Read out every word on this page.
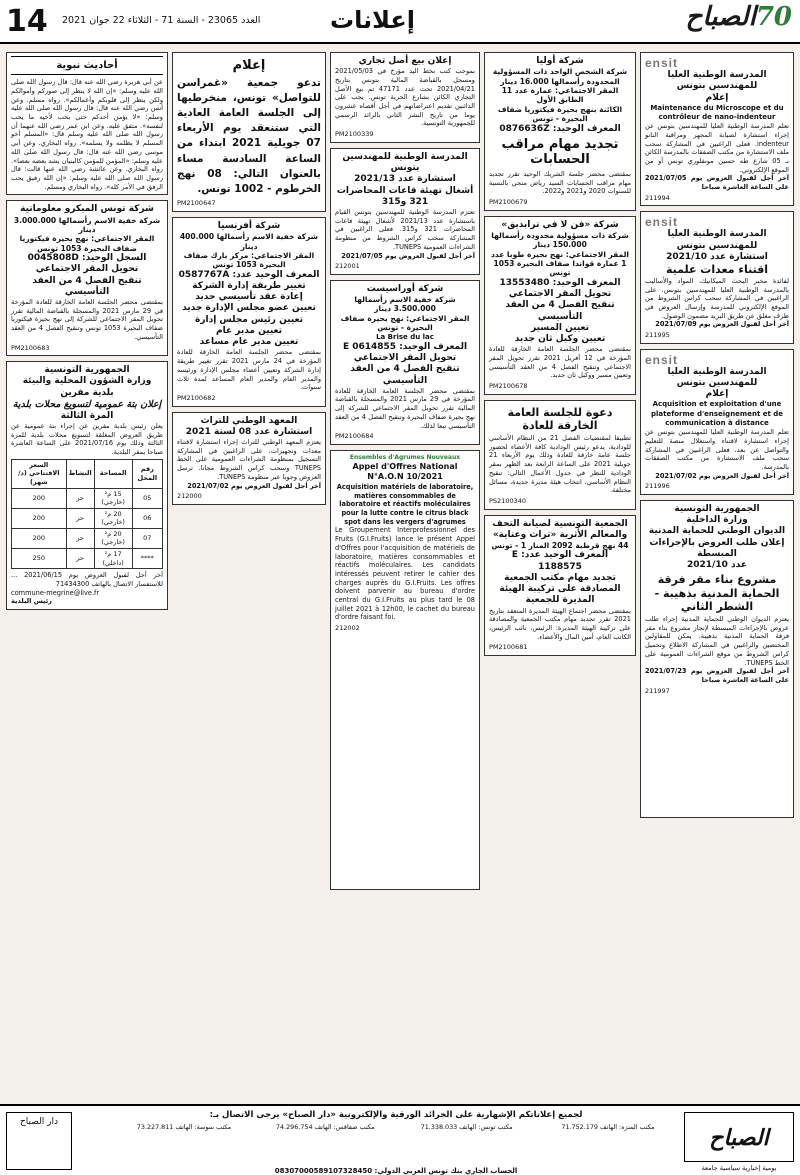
14 العدد 23065 - السنة 71 - الثلاثاء 22 جوان 2021	إعلانات	70الصباح
ensit
المدرسة الوطنية العليا للمهندسين بتونس
إعلام
Maintenance du Microscope et du contrôleur de nano-indenteur
تعلم المدرسة الوطنية العليا للمهندسين بتونس عن إجراء استشارة لصيانة المجهر ومراقبة النانو indenteur. فعلى الراغبين في المشاركة سحب ملف الاستشارة من مكتب الصفقات بالمدرسة الكائن بـ 05 شارع طه حسين مونفلوري تونس أو من الموقع الإلكتروني.
آخر أجل لقبول العروض يوم 2021/07/05 على الساعة العاشرة صباحا
211994
ensit
المدرسة الوطنية العليا للمهندسين بتونس
استشارة عدد 2021/10
اقتناء معدات علمية
لفائدة مخبر البحث الميكانيك، المواد والأساليب بالمدرسة الوطنية العليا للمهندسين بتونس. على الراغبين في المشاركة سحب كراس الشروط من الموقع الإلكتروني للمدرسة وإرسال العروض في ظرف مغلق عن طريق البريد مضمون الوصول.
آخر أجل لقبول العروض يوم 2021/07/09
211995
ensit
المدرسة الوطنية العليا للمهندسين بتونس
إعلام
Acquisition et exploitation d'une plateforme d'enseignement et de communication à distance
تعلم المدرسة الوطنية العليا للمهندسين بتونس عن إجراء استشارة لاقتناء واستغلال منصة للتعليم والتواصل عن بعد، فعلى الراغبين في المشاركة سحب ملف الاستشارة من مكتب الصفقات بالمدرسة.
آخر أجل لقبول العروض يوم 2021/07/02
211996
الجمهورية التونسية
وزارة الداخلية
الديوان الوطني للحماية المدنية
إعلان طلب العروض بالإجراءات المبسطة
عدد 2021/10
مشروع بناء مقر فرقة الحماية المدنية بذهيبة - الشطر الثاني
يعتزم الديوان الوطني للحماية المدنية إجراء طلب عروض بالإجراءات المبسطة لإنجاز مشروع بناء مقر فرقة الحماية المدنية بذهيبة. يمكن للمقاولين المختصين والراغبين في المشاركة الاطلاع وتحميل كراس الشروط من موقع الشراءات العمومية على الخط TUNEPS.
آخر أجل لقبول العروض يوم 2021/07/23 على الساعة العاشرة صباحا
211997
شركة أوليا
شركة الشخص الواحد ذات المسؤولية المحدودة رأسمالها 16.000 دينار
المقر الاجتماعي: عمارة عدد 11 الطابق الأول
الكائنة بنهج بحيرة فيكتوريا ضفاف البحيرة - تونس
المعرف الوحيد: 0876636Z
تجديد مهام مراقب الحسابات
بمقتضى محضر جلسة الشريك الوحيد تقرر تجديد مهام مراقب الحسابات السيد رياض منجي بالنسبة للسنوات 2020 و2021 و2022.
PM2100679
شركة «فن لا في ترابديق»
شركة ذات مسؤولية محدودة رأسمالها 150.000 دينار
المقر الاجتماعي: نهج بحيرة طوبا عدد 1 عمارة قواندا ضفاف البحيرة 1053 تونس
المعرف الوحيد: 13553480
تحويل المقر الاجتماعي
تنقيح الفصل 4 من العقد التأسيسي
تعيين المسير
تعيين وكيل ثان جديد
بمقتضى محضر الجلسة العامة الخارقة للعادة المؤرخة في 12 أفريل 2021 تقرر تحويل المقر الاجتماعي وتنقيح الفصل 4 من العقد التأسيسي وتعيين مسير ووكيل ثان جديد.
PM2100678
دعوة للجلسة العامة الخارقة للعادة
تطبيقا لمقتضيات الفصل 21 من النظام الأساسي للودادية، يدعو رئيس الودادية كافة الأعضاء لحضور جلسة عامة خارقة للعادة وذلك يوم الأربعاء 21 جويلية 2021 على الساعة الرابعة بعد الظهر بمقر الودادية للنظر في جدول الأعمال التالي: تنقيح النظام الأساسي، انتخاب هيئة مديرة جديدة، مسائل مختلفة.
PS2100340
الجمعية التونسية لصيانة التحف والمعالم الأثرية «تراث وعناية»
44 نهج قرطبة 2092 المنار 1 - تونس
المعرف الوحيد عدد: E 1188575
تجديد مهام مكتب الجمعية
المصادقة على تركيبة الهيئة المديرة للجمعية
بمقتضى محضر اجتماع الهيئة المديرة المنعقد بتاريخ 2021 تقرر تجديد مهام مكتب الجمعية والمصادقة على تركيبة الهيئة المديرة: الرئيس، نائب الرئيس، الكاتب العام، أمين المال والأعضاء.
PM2100681
إعلان بيع أصل تجاري
بموجب كتب بخط اليد مؤرخ في 2021/05/03 ومسجل بالقباضة المالية بتونس بتاريخ 2021/04/21 تحت عدد 47171 تم بيع الأصل التجاري الكائن بشارع الحرية تونس. يجب على الدائنين تقديم اعتراضاتهم في أجل أقصاه عشرون يوما من تاريخ النشر الثاني بالرائد الرسمي للجمهورية التونسية.
PM2100339
المدرسة الوطنية للمهندسين بتونس
استشارة عدد 2021/13
أشغال تهيئة قاعات المحاضرات 321 و315
تعتزم المدرسة الوطنية للمهندسين بتونس القيام باستشارة عدد 2021/13 لأشغال تهيئة قاعات المحاضرات 321 و315. فعلى الراغبين في المشاركة سحب كراس الشروط من منظومة الشراءات العمومية TUNEPS.
آخر أجل لقبول العروض يوم 2021/07/05
212001
شركة أوراسيست
شركة خفية الاسم رأسمالها 3.500.000 دينار
المقر الاجتماعي: نهج بحيرة ضفاف البحيرة - تونس
La Brise du lac
المعرف الوحيد: E 0614855
تحويل المقر الاجتماعي
تنقيح الفصل 4 من العقد التأسيسي
بمقتضى محضر الجلسة العامة الخارقة للعادة المؤرخة في 29 مارس 2021 والمسجلة بالقباضة المالية تقرر تحويل المقر الاجتماعي للشركة إلى نهج بحيرة ضفاف البحيرة وتنقيح الفصل 4 من العقد التأسيسي تبعا لذلك.
PM2100684
Ensembles d'Agrumes Nouveaux
Appel d'Offres National N°A.O.N 10/2021
Acquisition matériels de laboratoire, matières consommables de laboratoire et réactifs moléculaires pour la lutte contre le citrus black spot dans les vergers d'agrumes
Le Groupement Interprofessionnel des Fruits (G.I.Fruits) lance le présent Appel d'Offres pour l'acquisition de matériels de laboratoire, matières consommables et réactifs moléculaires. Les candidats intéressés peuvent retirer le cahier des charges auprès du G.I.Fruits. Les offres doivent parvenir au bureau d'ordre central du G.I.Fruits au plus tard le 08 juillet 2021 à 12h00, le cachet du bureau d'ordre faisant foi.
212002
إعلام
تدعو جمعية «غمراسن للتواصل» تونس، منخرطيها إلى الجلسة العامة العادية التي ستنعقد يوم الأربعاء 07 جويلية 2021 ابتداء من الساعة السادسة مساء بالعنوان التالي: 08 نهج الخرطوم - 1002 تونس.
PM2100647
شركة أفرنسيا
شركة خفية الاسم رأسمالها 400.000 دينار
المقر الاجتماعي: مركز بارك ضفاف البحيرة 1053 تونس
المعرف الوحيد عدد: 0587767A
تغيير طريقة إدارة الشركة
إعادة عقد تأسيسي جديد
تعيين عضو مجلس الإدارة جديد
تعيين رئيس مجلس إدارة
تعيين مدير عام
تعيين مدير عام مساعد
بمقتضى محضر الجلسة العامة الخارقة للعادة المؤرخة في 24 مارس 2021 تقرر تغيير طريقة إدارة الشركة وتعيين أعضاء مجلس الإدارة ورئيسه والمدير العام والمدير العام المساعد لمدة ثلاث سنوات.
PM2100682
المعهد الوطني للتراث
استشارة عدد 08 لسنة 2021
يعتزم المعهد الوطني للتراث إجراء استشارة لاقتناء معدات وتجهيزات. على الراغبين في المشاركة التسجيل بمنظومة الشراءات العمومية على الخط TUNEPS وسحب كراس الشروط مجانا. ترسل العروض وجوبا عبر منظومة TUNEPS.
آخر أجل لقبول العروض يوم 2021/07/02
212000
أحاديث نبوية
عن أبي هريرة رضي الله عنه قال: قال رسول الله صلى الله عليه وسلم: «إن الله لا ينظر إلى صوركم وأموالكم ولكن ينظر إلى قلوبكم وأعمالكم». رواه مسلم. وعن أنس رضي الله عنه قال: قال رسول الله صلى الله عليه وسلم: «لا يؤمن أحدكم حتى يحب لأخيه ما يحب لنفسه». متفق عليه. وعن ابن عمر رضي الله عنهما أن رسول الله صلى الله عليه وسلم قال: «المسلم أخو المسلم لا يظلمه ولا يسلمه». رواه البخاري. وعن أبي موسى رضي الله عنه قال: قال رسول الله صلى الله عليه وسلم: «المؤمن للمؤمن كالبنيان يشد بعضه بعضا». رواه البخاري. وعن عائشة رضي الله عنها قالت: قال رسول الله صلى الله عليه وسلم: «إن الله رفيق يحب الرفق في الأمر كله». رواه البخاري ومسلم.
شركة تونس الميكرو معلوماتية
شركة خفية الاسم رأسمالها 3.000.000 دينار
المقر الاجتماعي: نهج بحيرة فيكتوريا ضفاف البحيرة 1053 تونس
السجل الوحيد: 0045808D
تحويل المقر الاجتماعي
تنقيح الفصل 4 من العقد التأسيسي
بمقتضى محضر الجلسة العامة الخارقة للعادة المؤرخة في 29 مارس 2021 والمسجلة بالقباضة المالية تقرر تحويل المقر الاجتماعي للشركة إلى نهج بحيرة فيكتوريا ضفاف البحيرة 1053 تونس وتنقيح الفصل 4 من العقد التأسيسي.
PM2100683
الجمهورية التونسية
وزارة الشؤون المحلية والبيئة
بلدية مقرين
إعلان بتة عمومية لتسويغ محلات بلدية
المرة الثالثة
يعلن رئيس بلدية مقرين عن إجراء بتة عمومية عن طريق العروض المغلقة لتسويغ محلات بلدية للمرة الثالثة وذلك يوم 2021/07/16 على الساعة العاشرة صباحا بمقر البلدية.
رقم المحل	المساحة	النشاط	السعر الافتتاحي (د/شهر)
05	15 م² (خارجي)	حر	200
06	20 م² (خارجي)	حر	200
07	20 م² (خارجي)	حر	200
****	17 م² (داخلي)	حر	250
آخر أجل لقبول العروض يوم 2021/06/15 ... للاستفسار الاتصال بالهاتف 71434300
commune-megrine@live.fr
رئيس البلدية
الصباح
يومية إخبارية سياسية جامعة
لجميع إعلاناتكم الإشهارية على الجرائد الورقية والإلكترونية «دار الصباح» يرجى الاتصال بـ:
مكتب المنزه: الهاتف 71.752.179
مكتب تونس: الهاتف 71.338.033
مكتب صفاقس: الهاتف 74.296.754
مكتب سوسة: الهاتف 73.227.811
08307000589107328450 :الحساب الجاري بنك تونس العربي الدولي
دار الصباح
